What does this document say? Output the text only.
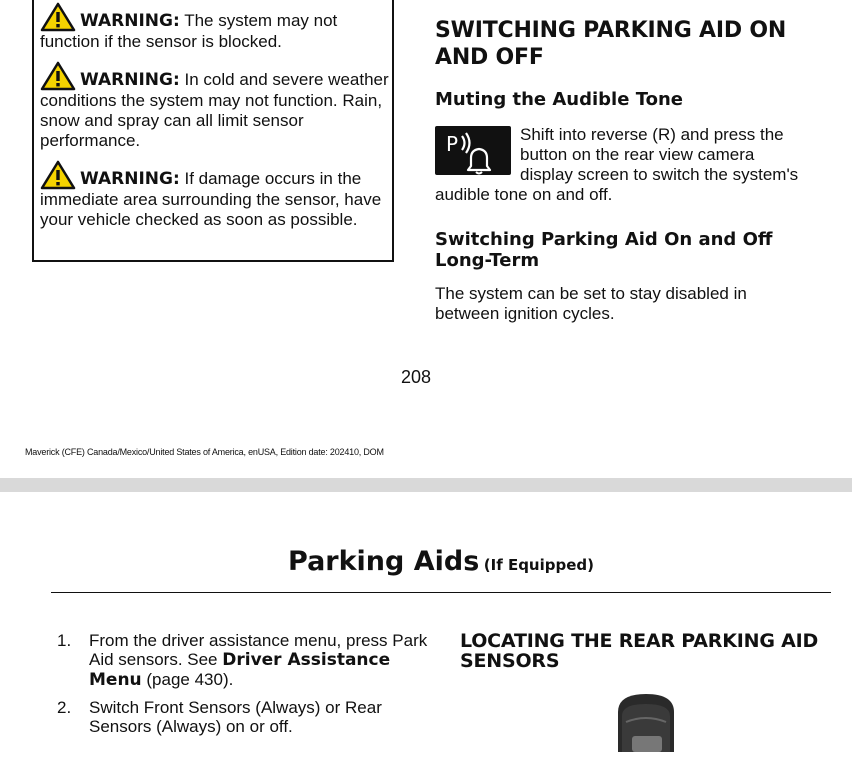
WARNING: The system may not function if the sensor is blocked.
WARNING: In cold and severe weather conditions the system may not function. Rain, snow and spray can all limit sensor performance.
WARNING: If damage occurs in the immediate area surrounding the sensor, have your vehicle checked as soon as possible.
SWITCHING PARKING AID ON AND OFF
Muting the Audible Tone
P	Shift into reverse (R) and press the button on the rear view camera display screen to switch the system's audible tone on and off.
Switching Parking Aid On and Off Long-Term
The system can be set to stay disabled in between ignition cycles.
208
Maverick (CFE) Canada/Mexico/United States of America, enUSA, Edition date: 202410, DOM
Parking Aids (If Equipped)
1. From the driver assistance menu, press Park Aid sensors. See Driver Assistance Menu (page 430).
2. Switch Front Sensors (Always) or Rear Sensors (Always) on or off.
LOCATING THE REAR PARKING AID SENSORS
